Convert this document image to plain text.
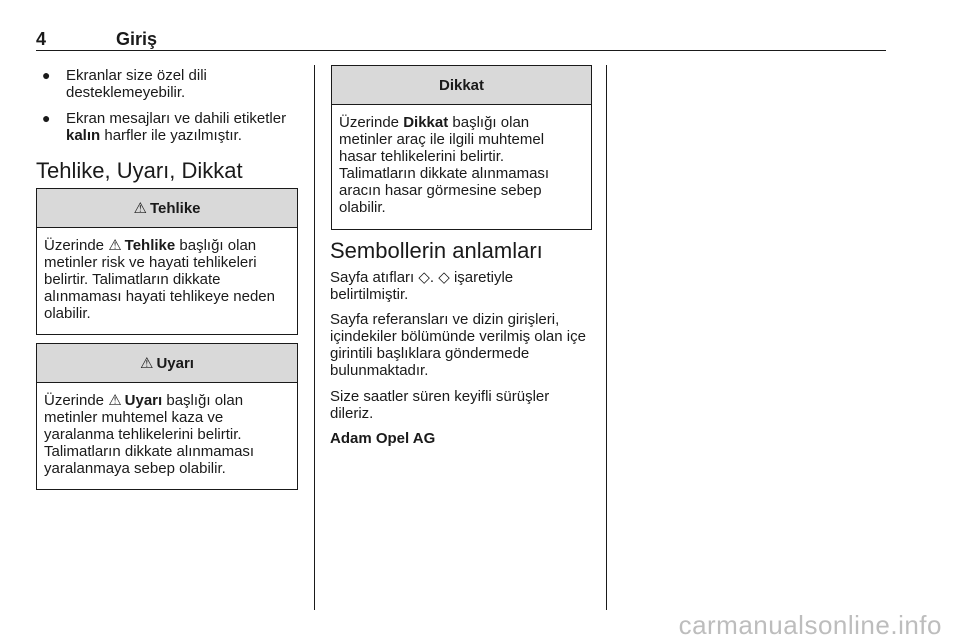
4	Giriş
● Ekranlar size özel dili desteklemeyebilir.
● Ekran mesajları ve dahili etiketler kalın harfler ile yazılmıştır.
Tehlike, Uyarı, Dikkat
⚠ Tehlike
Üzerinde ⚠ Tehlike başlığı olan metinler risk ve hayati tehlikeleri belirtir. Talimatların dikkate alınmaması hayati tehlikeye neden olabilir.
⚠ Uyarı
Üzerinde ⚠ Uyarı başlığı olan metinler muhtemel kaza ve yaralanma tehlikelerini belirtir. Talimatların dikkate alınmaması yaralanmaya sebep olabilir.
Dikkat
Üzerinde Dikkat başlığı olan metinler araç ile ilgili muhtemel hasar tehlikelerini belirtir. Talimatların dikkate alınmaması aracın hasar görmesine sebep olabilir.
Sembollerin anlamları

Sayfa atıfları ◇. ◇ işaretiyle belirtilmiştir.

Sayfa referansları ve dizin girişleri, içindekiler bölümünde verilmiş olan içe girintili başlıklara göndermede bulunmaktadır.

Size saatler süren keyifli sürüşler dileriz.

Adam Opel AG

carmanualsonline.info
